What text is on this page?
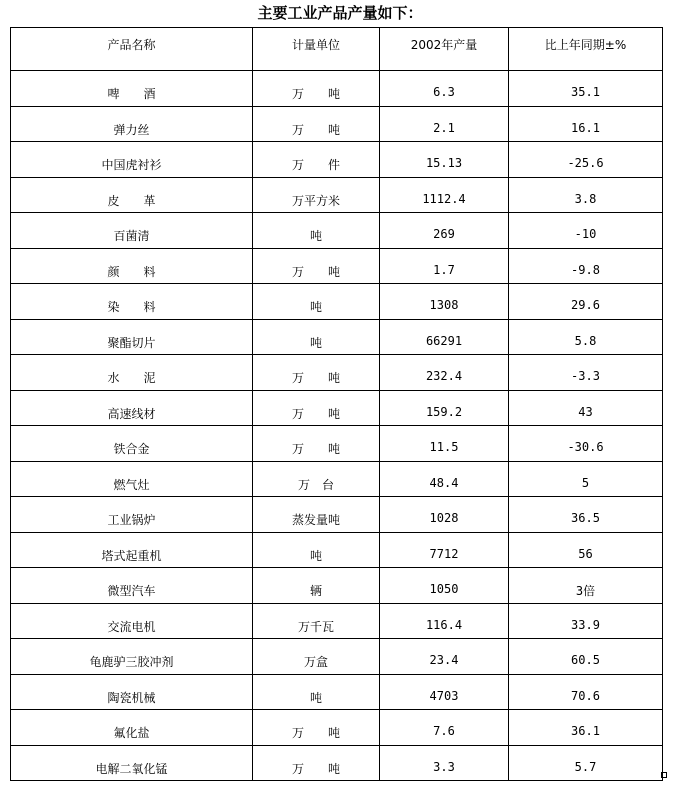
主要工业产品产量如下：
产品名称	计量单位	2002年产量	比上年同期±%
啤　　酒	万　　吨	6.3	35.1
弹力丝	万　　吨	2.1	16.1
中国虎衬衫	万　　件	15.13	-25.6
皮　　革	万平方米	1112.4	3.8
百菌清	吨	269	-10
颜　　料	万　　吨	1.7	-9.8
染　　料	吨	1308	29.6
聚酯切片	吨	66291	5.8
水　　泥	万　　吨	232.4	-3.3
高速线材	万　　吨	159.2	43
铁合金	万　　吨	11.5	-30.6
燃气灶	万　台	48.4	5
工业锅炉	蒸发量吨	1028	36.5
塔式起重机	吨	7712	56
微型汽车	辆	1050	3倍
交流电机	万千瓦	116.4	33.9
龟鹿驴三胶冲剂	万盒	23.4	60.5
陶瓷机械	吨	4703	70.6
氟化盐	万　　吨	7.6	36.1
电解二氧化锰	万　　吨	3.3	5.7
